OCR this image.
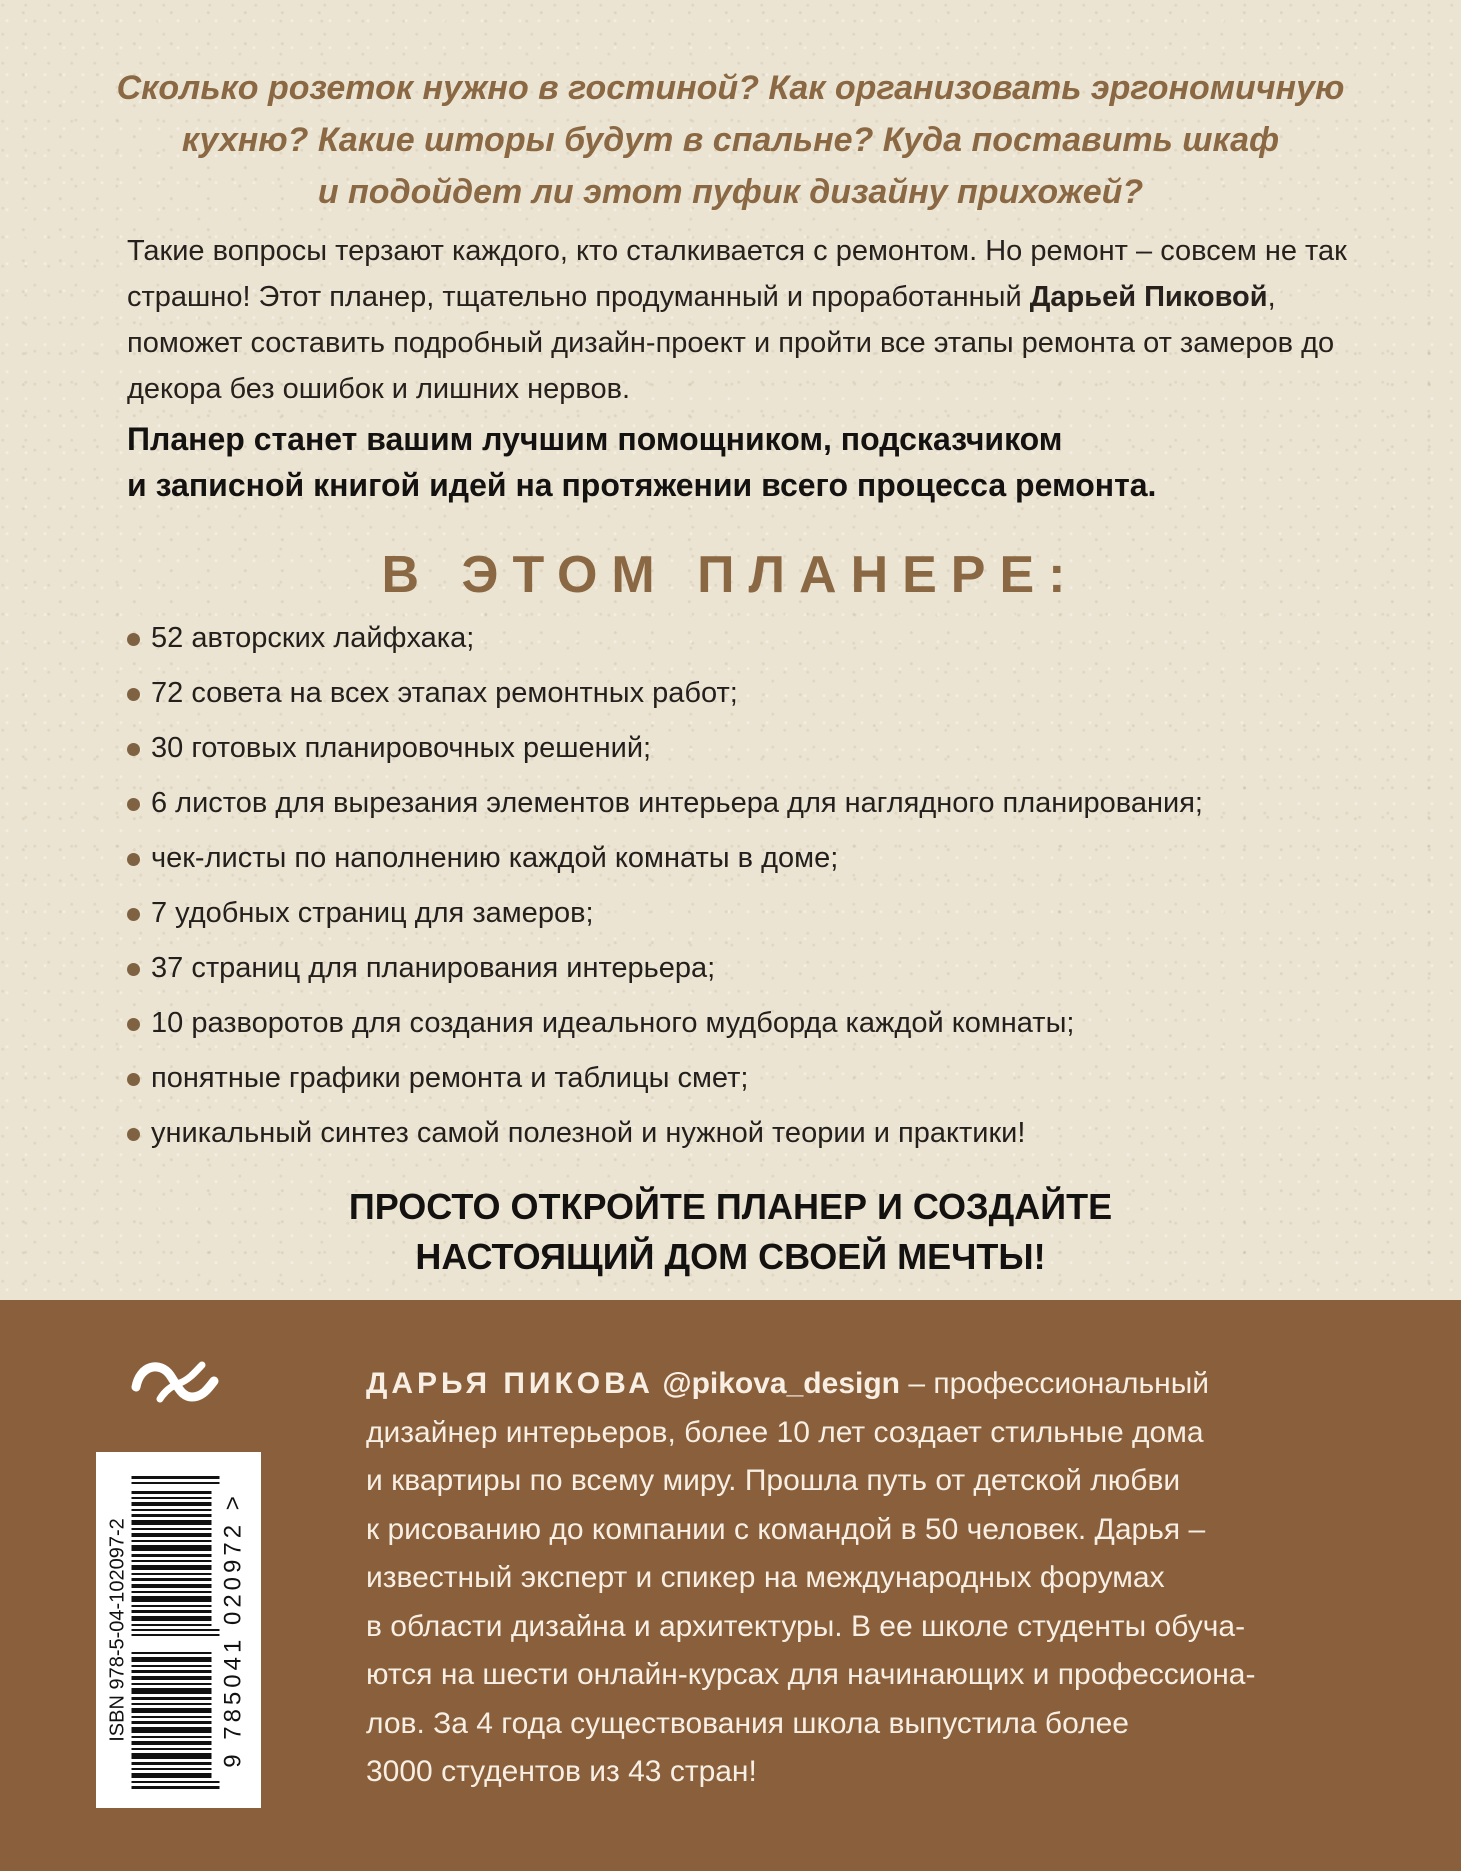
Сколько розеток нужно в гостиной? Как организовать эргономичную
кухню? Какие шторы будут в спальне? Куда поставить шкаф
и подойдет ли этот пуфик дизайну прихожей?
Такие вопросы терзают каждого, кто сталкивается с ремонтом. Но ремонт – совсем не так страшно! Этот планер, тщательно продуманный и проработанный Дарьей Пиковой, поможет составить подробный дизайн-проект и пройти все этапы ремонта от замеров до декора без ошибок и лишних нервов.
Планер станет вашим лучшим помощником, подсказчиком
и записной книгой идей на протяжении всего процесса ремонта.
В ЭТОМ ПЛАНЕРЕ:
52 авторских лайфхака;
72 совета на всех этапах ремонтных работ;
30 готовых планировочных решений;
6 листов для вырезания элементов интерьера для наглядного планирования;
чек-листы по наполнению каждой комнаты в доме;
7 удобных страниц для замеров;
37 страниц для планирования интерьера;
10 разворотов для создания идеального мудборда каждой комнаты;
понятные графики ремонта и таблицы смет;
уникальный синтез самой полезной и нужной теории и практики!
ПРОСТО ОТКРОЙТЕ ПЛАНЕР И СОЗДАЙТЕ
НАСТОЯЩИЙ ДОМ СВОЕЙ МЕЧТЫ!
ISBN 978-5-04-102097-2	9 785041 020972 >
ДАРЬЯ ПИКОВА @pikova_design – профессиональный
дизайнер интерьеров, более 10 лет создает стильные дома
и квартиры по всему миру. Прошла путь от детской любви
к рисованию до компании с командой в 50 человек. Дарья –
известный эксперт и спикер на международных форумах
в области дизайна и архитектуры. В ее школе студенты обуча-
ются на шести онлайн-курсах для начинающих и профессиона-
лов. За 4 года существования школа выпустила более
3000 студентов из 43 стран!
